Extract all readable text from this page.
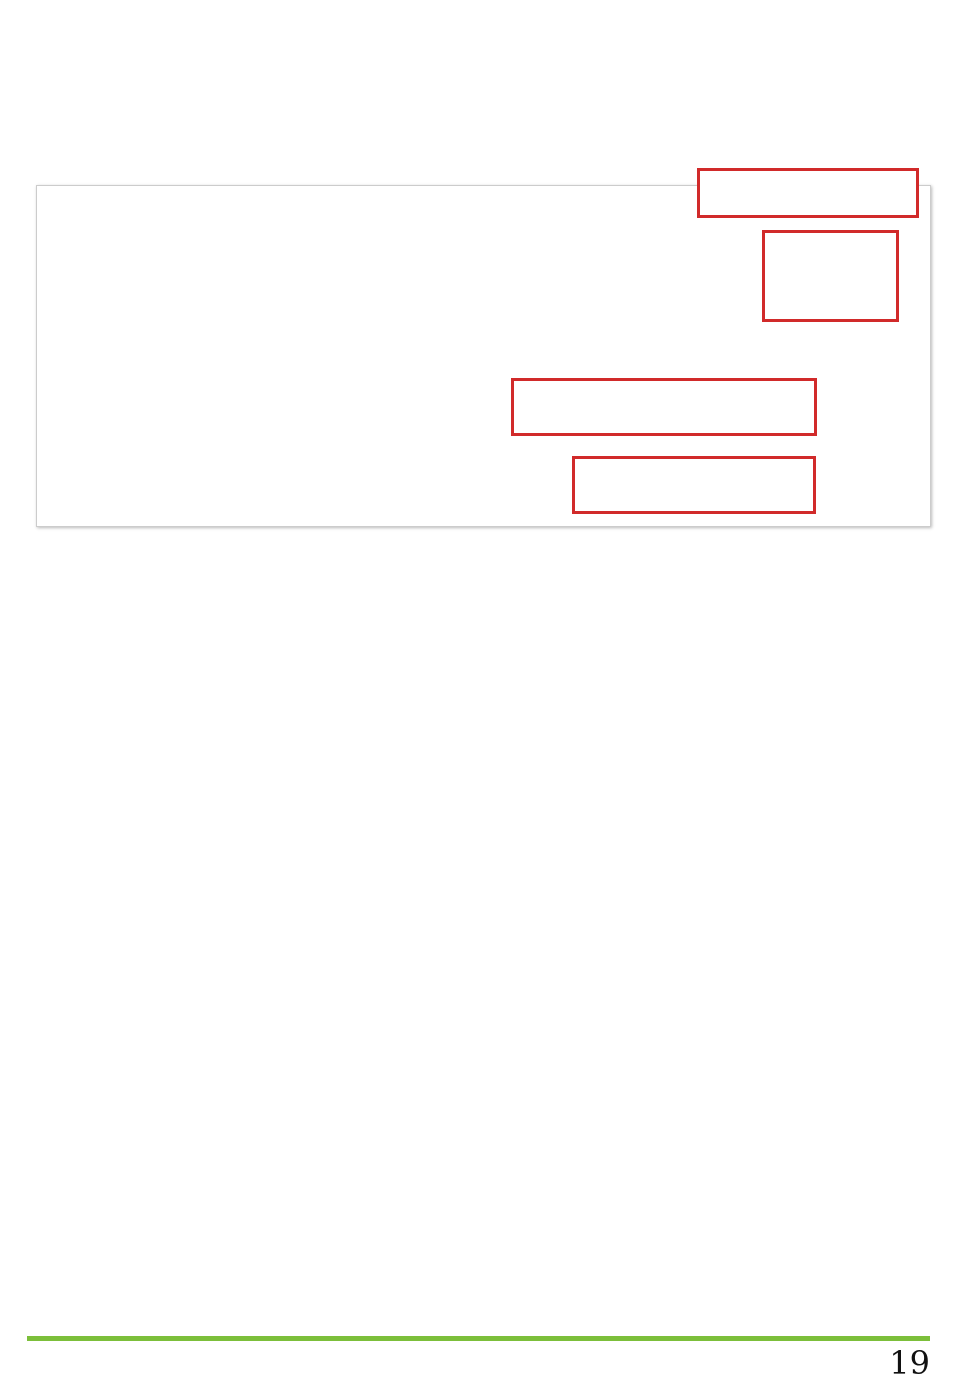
19
